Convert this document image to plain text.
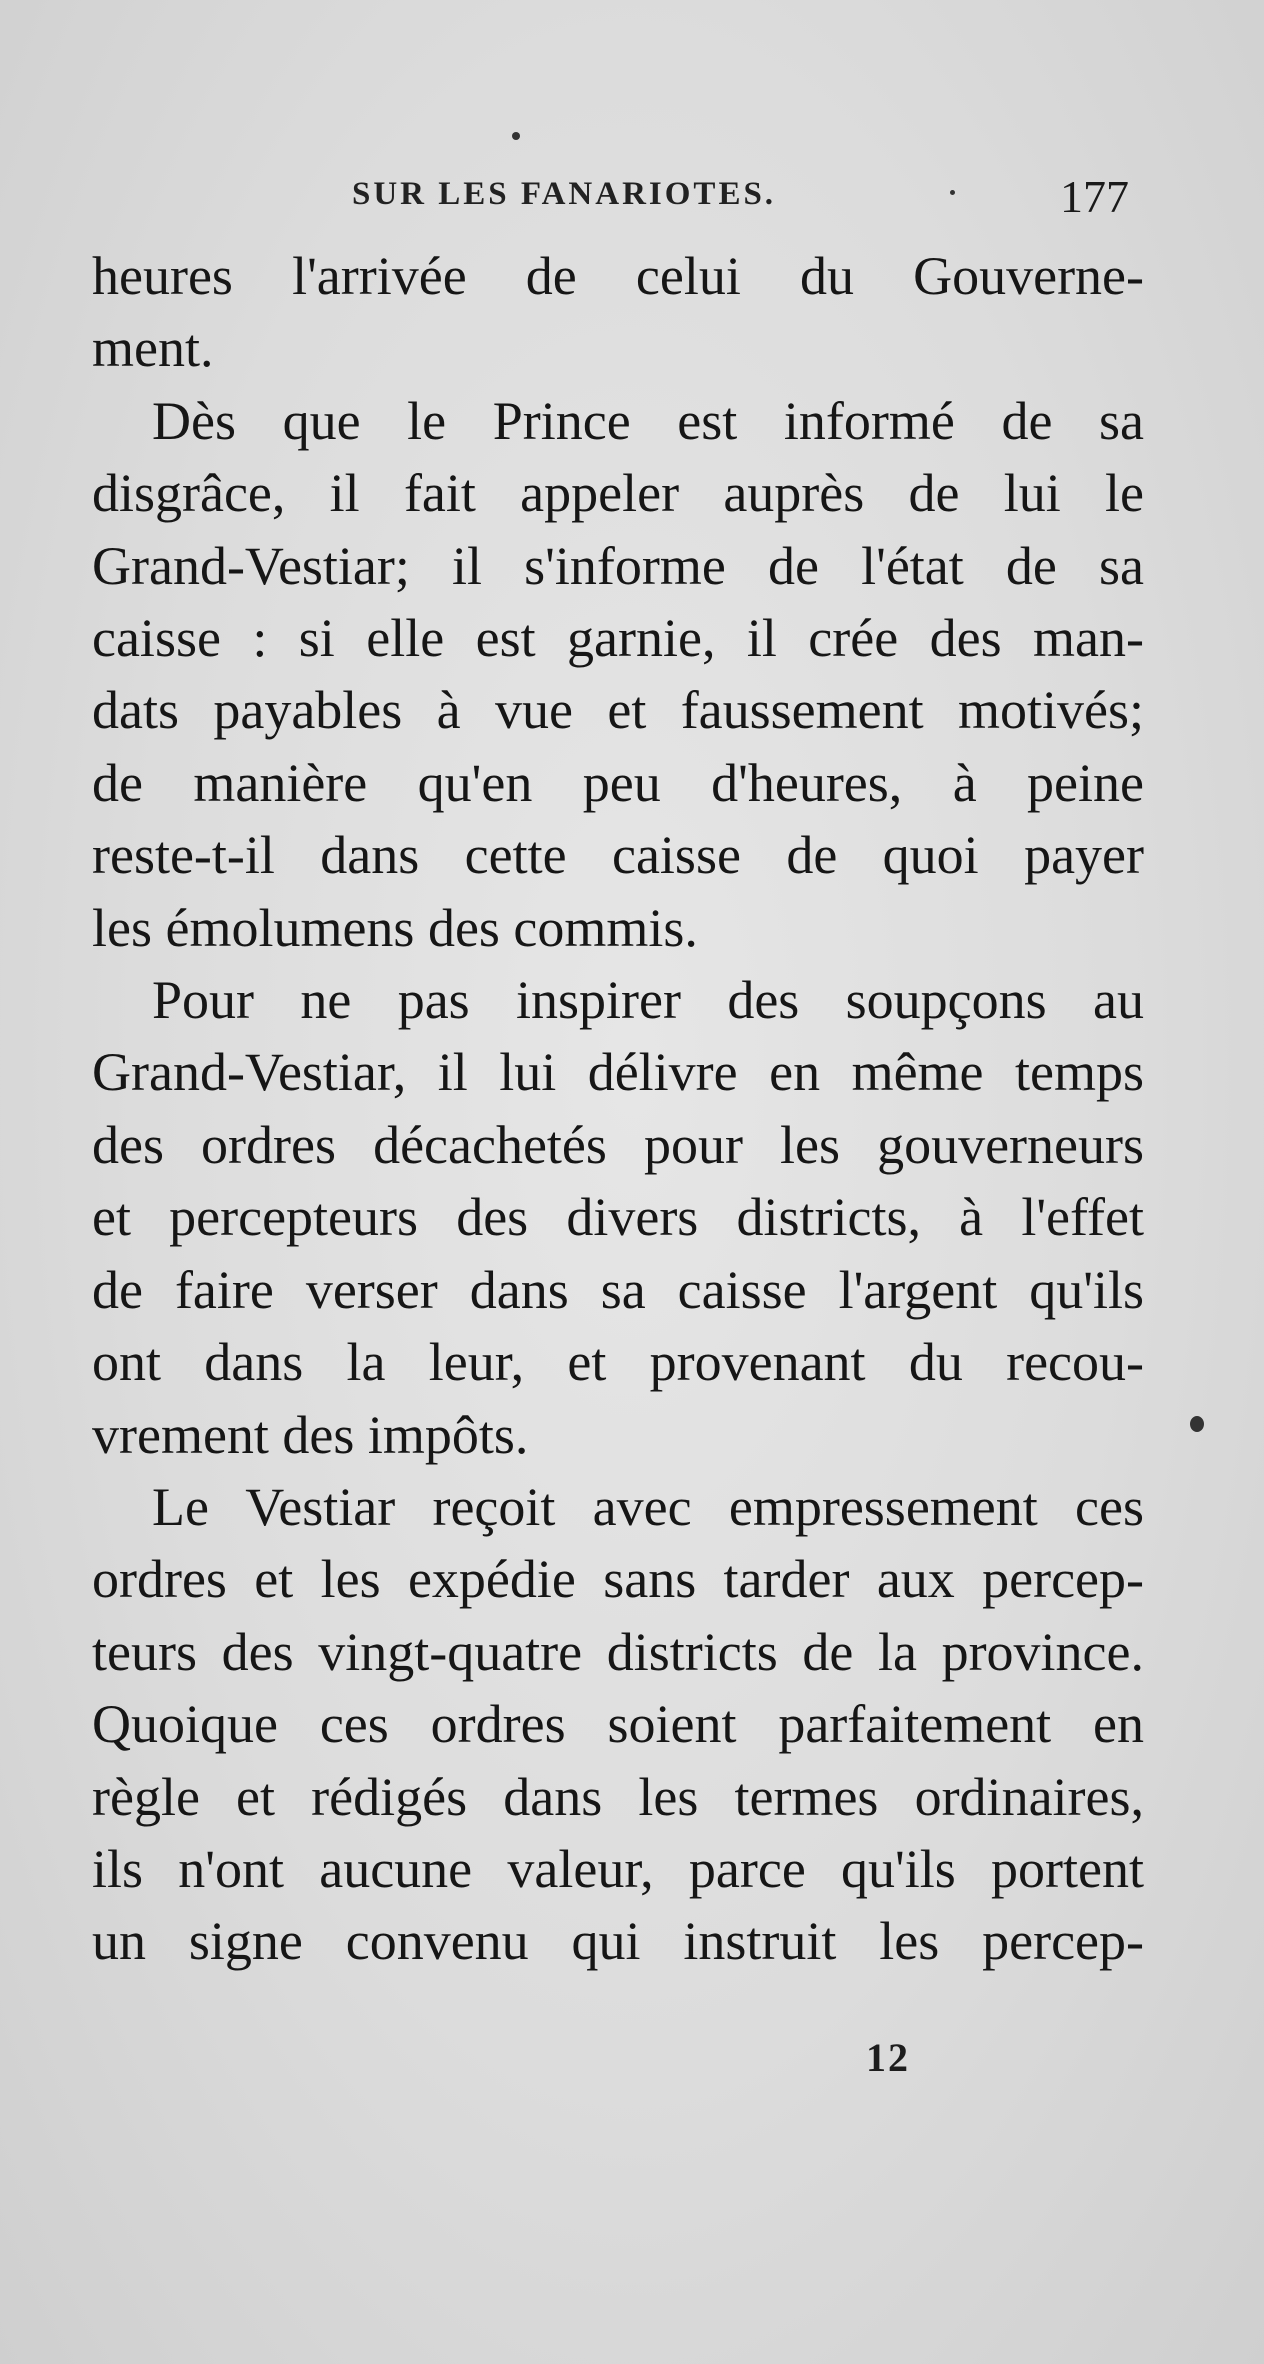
SUR LES FANARIOTES.	177

heures l'arrivée de celui du Gouverne-
ment.

Dès que le Prince est informé de sa
disgrâce, il fait appeler auprès de lui le
Grand-Vestiar; il s'informe de l'état de sa
caisse : si elle est garnie, il crée des man-
dats payables à vue et faussement motivés;
de manière qu'en peu d'heures, à peine
reste-t-il dans cette caisse de quoi payer
les émolumens des commis.

Pour ne pas inspirer des soupçons au
Grand-Vestiar, il lui délivre en même temps
des ordres décachetés pour les gouverneurs
et percepteurs des divers districts, à l'effet
de faire verser dans sa caisse l'argent qu'ils
ont dans la leur, et provenant du recou-
vrement des impôts.

Le Vestiar reçoit avec empressement ces
ordres et les expédie sans tarder aux percep-
teurs des vingt-quatre districts de la province.
Quoique ces ordres soient parfaitement en
règle et rédigés dans les termes ordinaires,
ils n'ont aucune valeur, parce qu'ils portent
un signe convenu qui instruit les percep-

12
